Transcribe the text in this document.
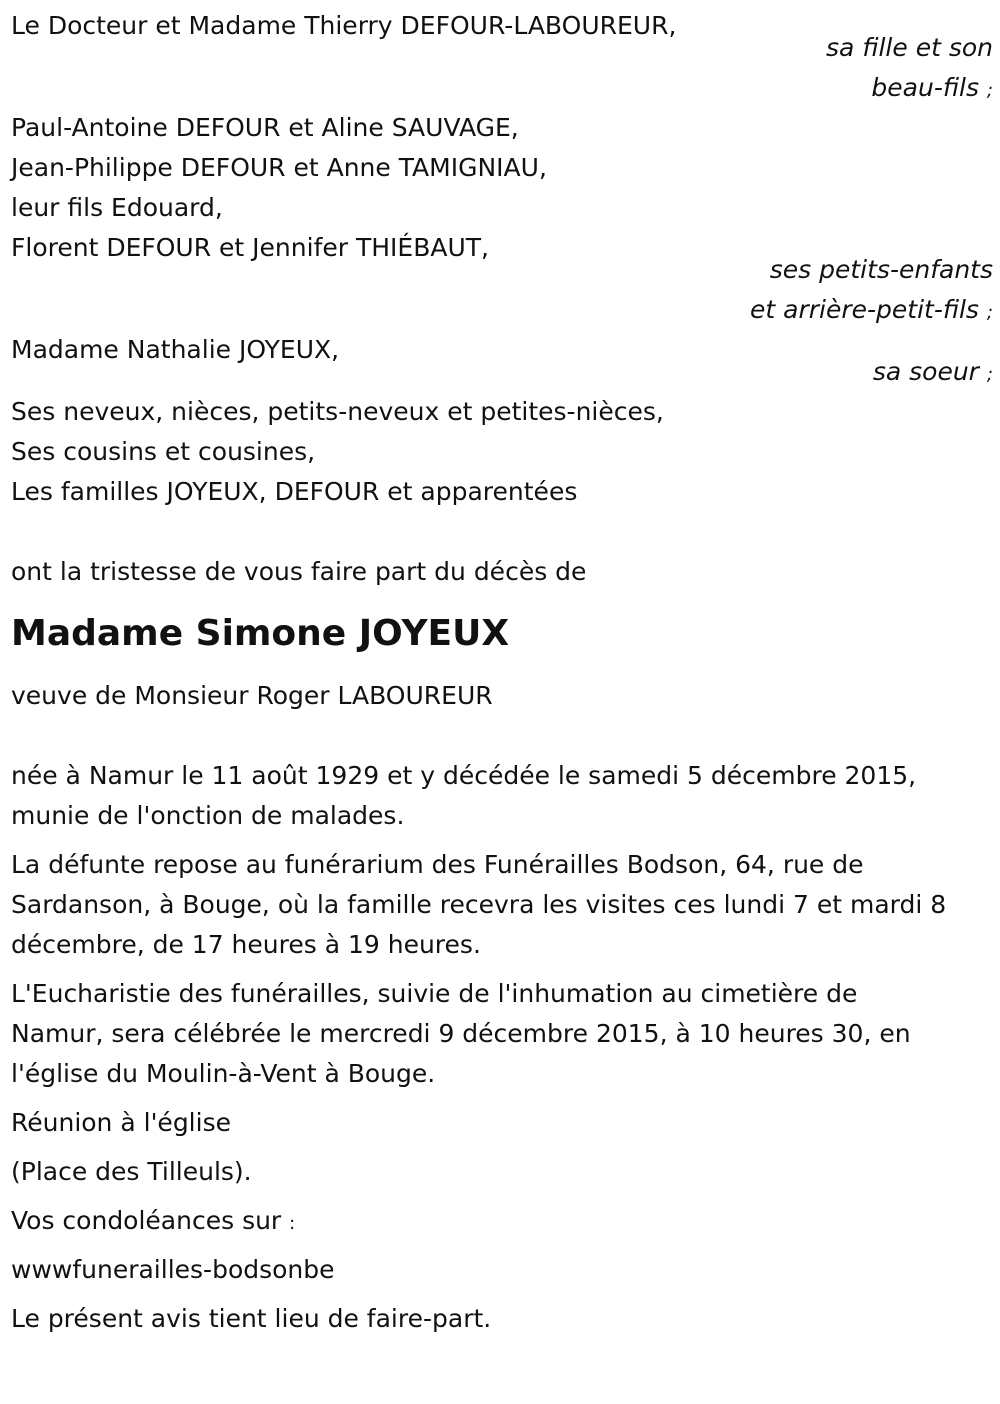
Le Docteur et Madame Thierry DEFOUR-LABOUREUR,
sa fille et son
beau-fils ;
Paul-Antoine DEFOUR et Aline SAUVAGE,
Jean-Philippe DEFOUR et Anne TAMIGNIAU,
leur fils Edouard,
Florent DEFOUR et Jennifer THIÉBAUT,
ses petits-enfants
et arrière-petit-fils ;
Madame Nathalie JOYEUX,
sa soeur ;
Ses neveux, nièces, petits-neveux et petites-nièces,
Ses cousins et cousines,
Les familles JOYEUX, DEFOUR et apparentées
ont la tristesse de vous faire part du décès de
Madame Simone JOYEUX
veuve de Monsieur Roger LABOUREUR
née à Namur le 11 août 1929 et y décédée le samedi 5 décembre 2015,
munie de l'onction de malades.
La défunte repose au funérarium des Funérailles Bodson, 64, rue de
Sardanson, à Bouge, où la famille recevra les visites ces lundi 7 et mardi 8
décembre, de 17 heures à 19 heures.
L'Eucharistie des funérailles, suivie de l'inhumation au cimetière de
Namur, sera célébrée le mercredi 9 décembre 2015, à 10 heures 30, en
l'église du Moulin-à-Vent à Bouge.
Réunion à l'église
(Place des Tilleuls).
Vos condoléances sur :
wwwfunerailles-bodsonbe
Le présent avis tient lieu de faire-part.
